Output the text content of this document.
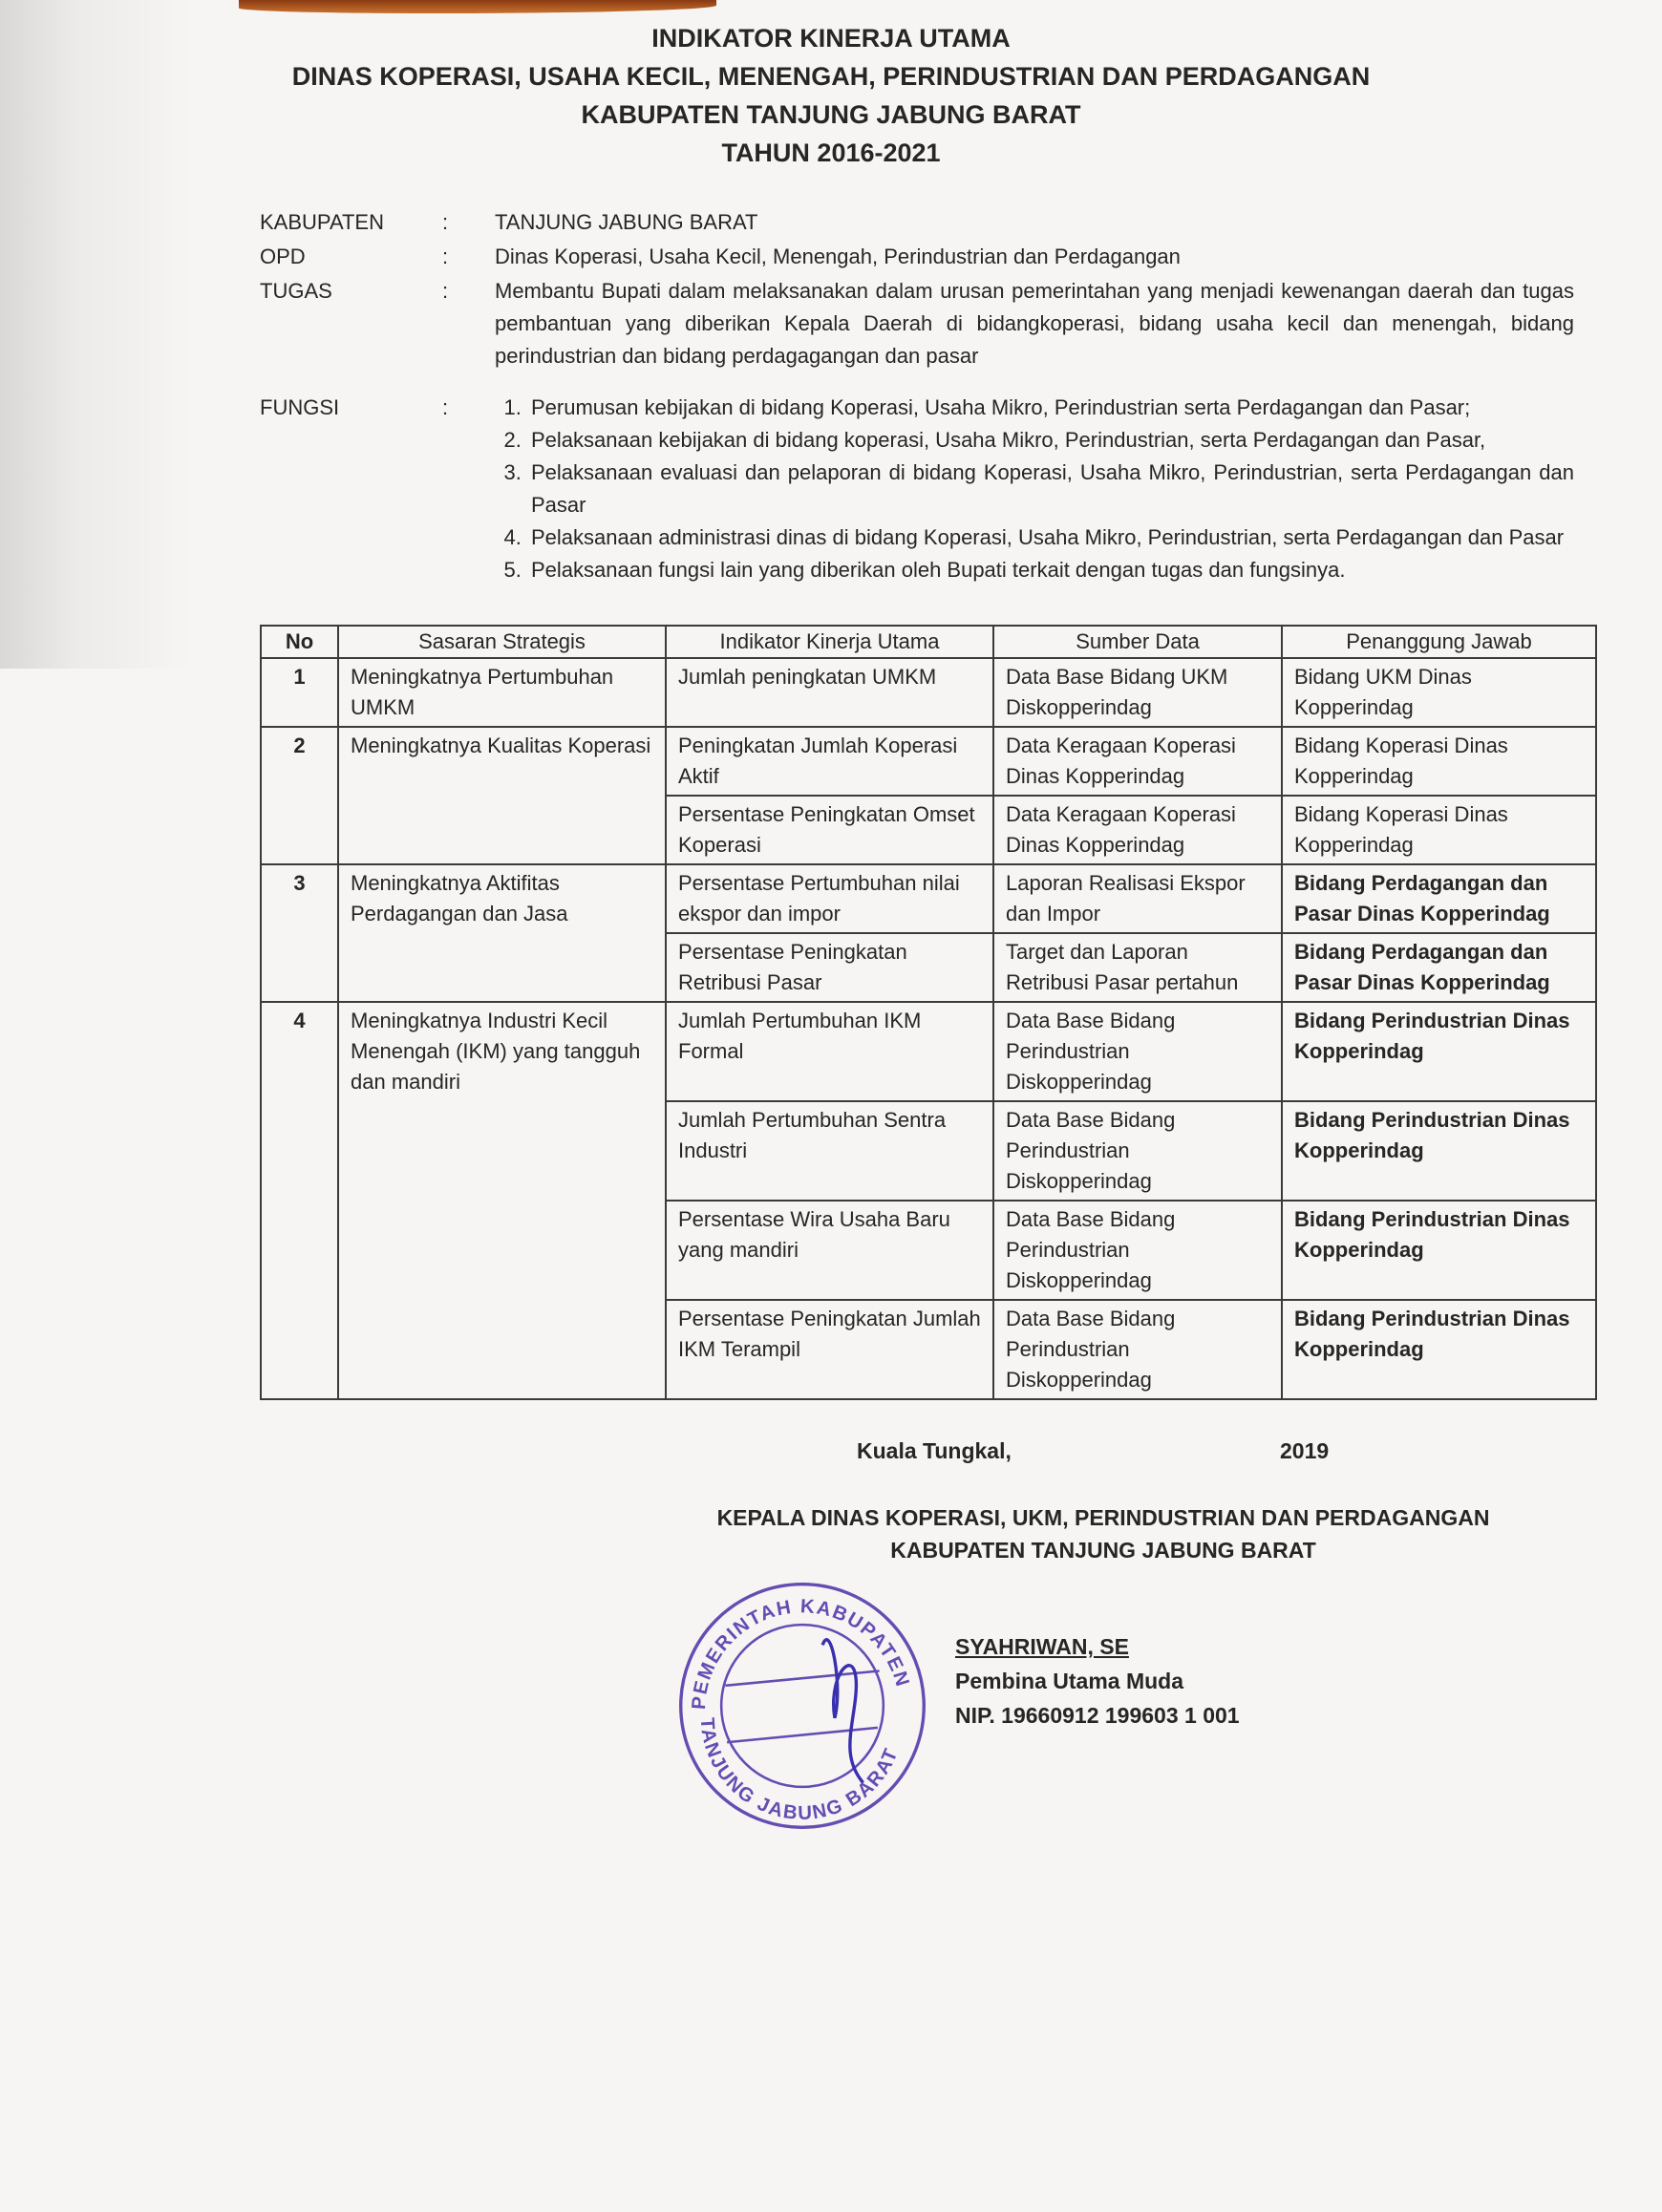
INDIKATOR KINERJA UTAMA
DINAS KOPERASI, USAHA KECIL, MENENGAH, PERINDUSTRIAN DAN PERDAGANGAN
KABUPATEN TANJUNG JABUNG BARAT
TAHUN 2016-2021
KABUPATEN	:	TANJUNG JABUNG BARAT
OPD	:	Dinas Koperasi, Usaha Kecil, Menengah, Perindustrian dan Perdagangan
TUGAS	:	Membantu Bupati dalam melaksanakan dalam urusan pemerintahan yang menjadi kewenangan daerah dan tugas pembantuan yang diberikan Kepala Daerah di bidangkoperasi, bidang usaha kecil dan menengah, bidang perindustrian dan bidang perdagagangan dan pasar
FUNGSI	:	1. Perumusan kebijakan di bidang Koperasi, Usaha Mikro, Perindustrian serta Perdagangan dan Pasar;
2. Pelaksanaan kebijakan di bidang koperasi, Usaha Mikro, Perindustrian, serta Perdagangan dan Pasar,
3. Pelaksanaan evaluasi dan pelaporan di bidang Koperasi, Usaha Mikro, Perindustrian, serta Perdagangan dan Pasar
4. Pelaksanaan administrasi dinas di bidang Koperasi, Usaha Mikro, Perindustrian, serta Perdagangan dan Pasar
5. Pelaksanaan fungsi lain yang diberikan oleh Bupati terkait dengan tugas dan fungsinya.
No	Sasaran Strategis	Indikator Kinerja Utama	Sumber Data	Penanggung Jawab
1	Meningkatnya Pertumbuhan UMKM	Jumlah peningkatan UMKM	Data Base Bidang UKM Diskopperindag	Bidang UKM Dinas Kopperindag
2	Meningkatnya Kualitas Koperasi	Peningkatan Jumlah Koperasi Aktif	Data Keragaan Koperasi Dinas Kopperindag	Bidang Koperasi Dinas Kopperindag
		Persentase Peningkatan Omset Koperasi	Data Keragaan Koperasi Dinas Kopperindag	Bidang Koperasi Dinas Kopperindag
3	Meningkatnya Aktifitas Perdagangan dan Jasa	Persentase Pertumbuhan nilai ekspor dan impor	Laporan Realisasi Ekspor dan Impor	Bidang Perdagangan dan Pasar Dinas Kopperindag
		Persentase Peningkatan Retribusi Pasar	Target dan Laporan Retribusi Pasar pertahun	Bidang Perdagangan dan Pasar Dinas Kopperindag
4	Meningkatnya Industri Kecil Menengah (IKM) yang tangguh dan mandiri	Jumlah Pertumbuhan IKM Formal	Data Base Bidang Perindustrian Diskopperindag	Bidang Perindustrian Dinas Kopperindag
		Jumlah Pertumbuhan Sentra Industri	Data Base Bidang Perindustrian Diskopperindag	Bidang Perindustrian Dinas Kopperindag
		Persentase Wira Usaha Baru yang mandiri	Data Base Bidang Perindustrian Diskopperindag	Bidang Perindustrian Dinas Kopperindag
		Persentase Peningkatan Jumlah IKM Terampil	Data Base Bidang Perindustrian Diskopperindag	Bidang Perindustrian Dinas Kopperindag
Kuala Tungkal,	2019
KEPALA DINAS KOPERASI, UKM, PERINDUSTRIAN DAN PERDAGANGAN
KABUPATEN TANJUNG JABUNG BARAT
PEMERINTAH KABUPATEN
TANJUNG JABUNG BARAT
SYAHRIWAN, SE
Pembina Utama Muda
NIP. 19660912 199603 1 001
